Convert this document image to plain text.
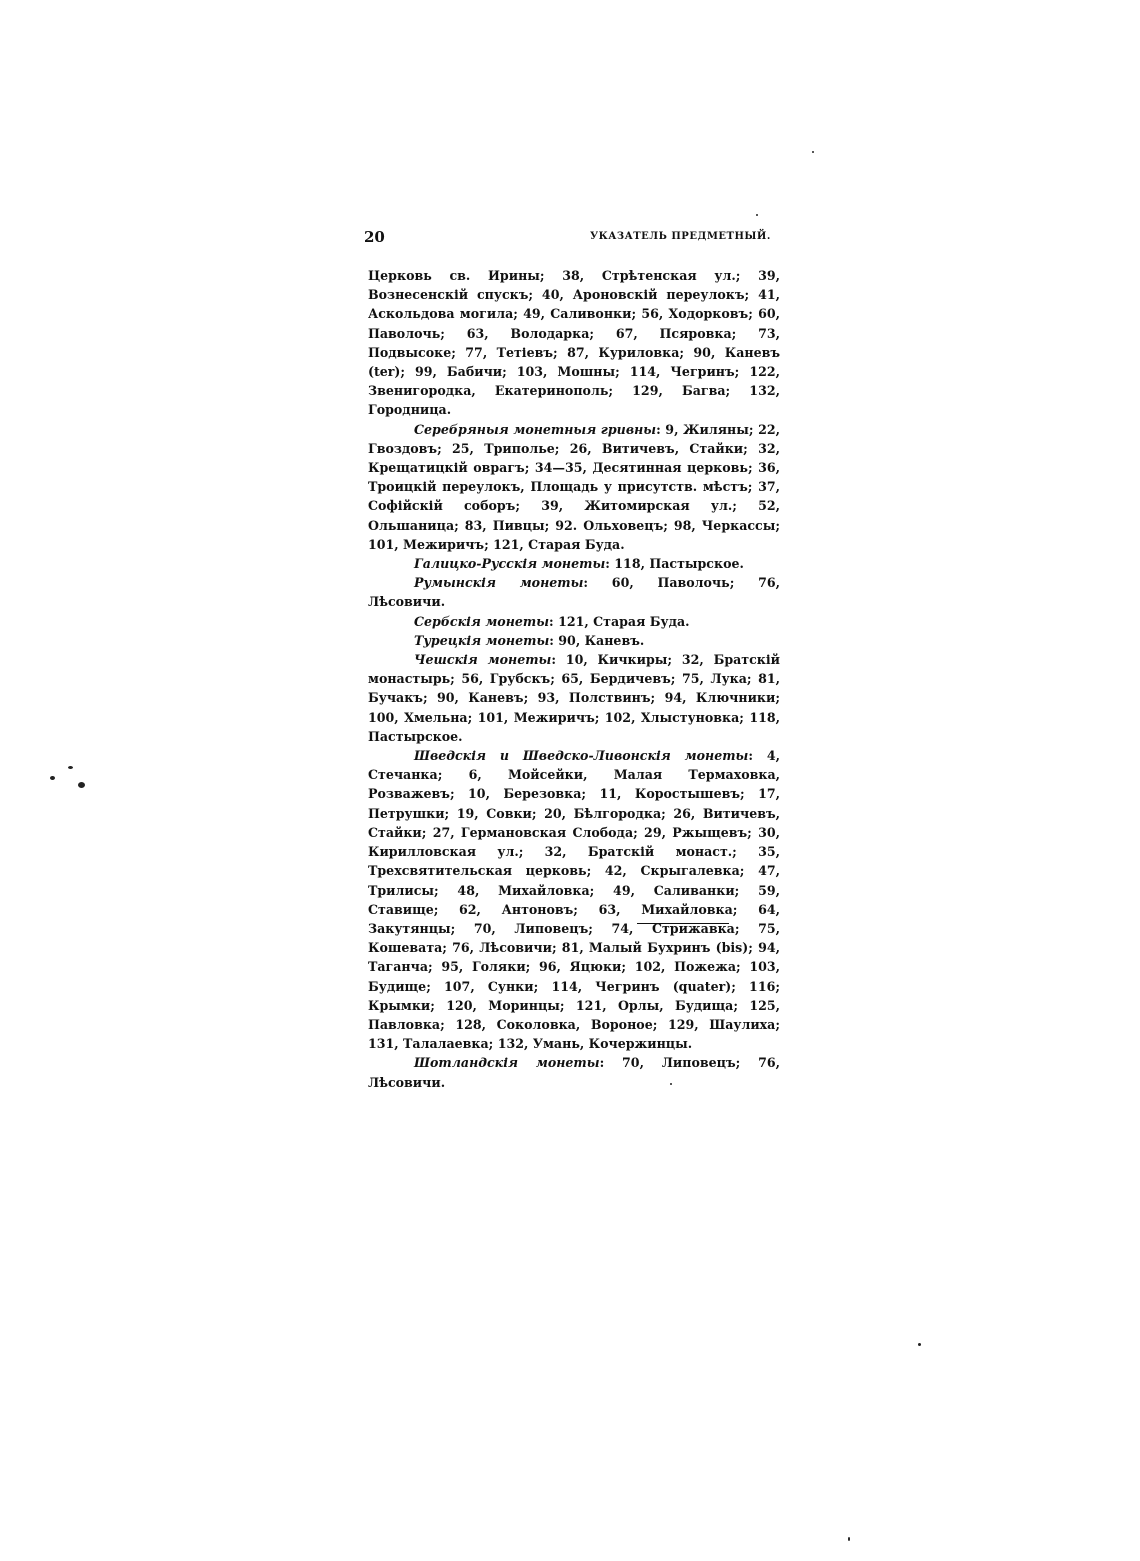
20	УКАЗАТЕЛЬ ПРЕДМЕТНЫЙ.

Церковь св. Ирины; 38, Стрѣтенская ул.; 39, Вознесенскій спускъ; 40, Ароновскій переулокъ; 41, Аскольдова могила; 49, Саливонки; 56, Ходорковъ; 60, Паволочь; 63, Володарка; 67, Псяровка; 73, Подвысоке; 77, Тетіевъ; 87, Куриловка; 90, Каневъ (ter); 99, Бабичи; 103, Мошны; 114, Чегринъ; 122, Звенигородка, Екатеринополь; 129, Багва; 132, Городница.

Серебряныя монетныя гривны: 9, Жиляны; 22, Гвоздовъ; 25, Триполье; 26, Витичевъ, Стайки; 32, Крещатицкій оврагъ; 34—35, Десятинная церковь; 36, Троицкій переулокъ, Площадь у присутств. мѣстъ; 37, Софійскій соборъ; 39, Житомирская ул.; 52, Ольшаница; 83, Пивцы; 92. Ольховецъ; 98, Черкассы; 101, Межиричъ; 121, Старая Буда.

Галицко-Русскія монеты: 118, Пастырское.

Румынскія монеты: 60, Паволочь; 76, Лѣсовичи.

Сербскія монеты: 121, Старая Буда.

Турецкія монеты: 90, Каневъ.

Чешскія монеты: 10, Кичкиры; 32, Братскій монастырь; 56, Грубскъ; 65, Бердичевъ; 75, Лука; 81, Бучакъ; 90, Каневъ; 93, Полствинъ; 94, Ключники; 100, Хмельна; 101, Межиричъ; 102, Хлыстуновка; 118, Пастырское.

Шведскія и Шведско-Ливонскія монеты: 4, Стечанка; 6, Мойсейки, Малая Термаховка, Розважевъ; 10, Березовка; 11, Коростышевъ; 17, Петрушки; 19, Совки; 20, Бѣлгородка; 26, Витичевъ, Стайки; 27, Германовская Слобода; 29, Ржыщевъ; 30, Кирилловская ул.; 32, Братскій монаст.; 35, Трехсвятительская церковь; 42, Скрыгалевка; 47, Трилисы; 48, Михайловка; 49, Саливанки; 59, Ставище; 62, Антоновъ; 63, Михайловка; 64, Закутянцы; 70, Липовецъ; 74, Стрижавка; 75, Кошевата; 76, Лѣсовичи; 81, Малый Бухринъ (bis); 94, Таганча; 95, Голяки; 96, Яцюки; 102, Пожежа; 103, Будище; 107, Сунки; 114, Чегринъ (quater); 116; Крымки; 120, Моринцы; 121, Орлы, Будища; 125, Павловка; 128, Соколовка, Вороное; 129, Шаулиха; 131, Талалаевка; 132, Умань, Кочержинцы.

Шотландскія монеты: 70, Липовецъ; 76, Лѣсовичи.
